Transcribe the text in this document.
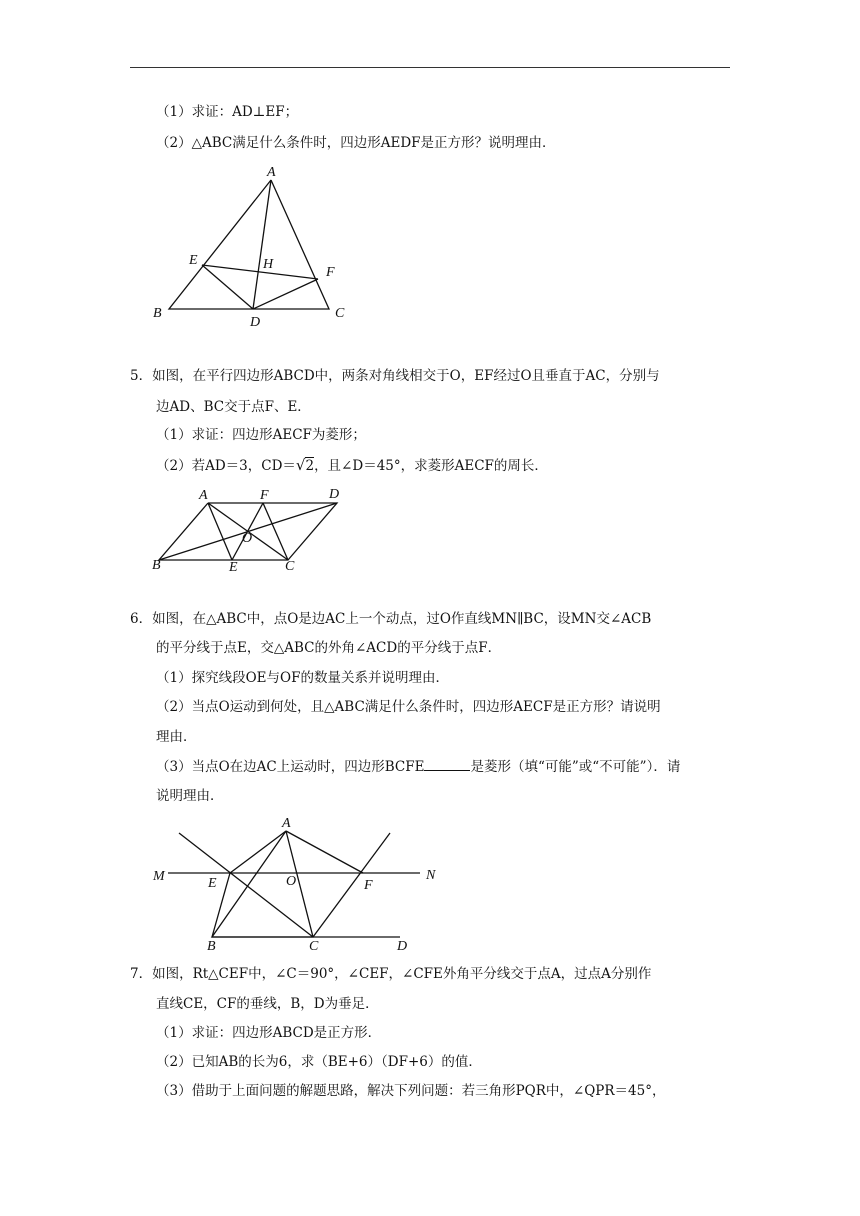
（1）求证：AD⊥EF；
（2）△ABC满足什么条件时，四边形AEDF是正方形？说明理由．
A
E	H
F
B
D
C
5．如图，在平行四边形ABCD中，两条对角线相交于O，EF经过O且垂直于AC，分别与
边AD、BC交于点F、E．
（1）求证：四边形AECF为菱形；
（2）若AD＝3，CD＝√2，且∠D＝45°，求菱形AECF的周长．
A	F	D
O
B	E	C
6．如图，在△ABC中，点O是边AC上一个动点，过O作直线MN∥BC，设MN交∠ACB
的平分线于点E，交△ABC的外角∠ACD的平分线于点F．
（1）探究线段OE与OF的数量关系并说明理由．
（2）当点O运动到何处，且△ABC满足什么条件时，四边形AECF是正方形？请说明
理由．
（3）当点O在边AC上运动时，四边形BCFE	是菱形（填“可能”或“不可能”）．请
说明理由．
A
M	E	O	F
N
B	C	D
7．如图，Rt△CEF中，∠C＝90°，∠CEF，∠CFE外角平分线交于点A，过点A分别作
直线CE，CF的垂线，B，D为垂足．
（1）求证：四边形ABCD是正方形．
（2）已知AB的长为6，求（BE+6）（DF+6）的值．
（3）借助于上面问题的解题思路，解决下列问题：若三角形PQR中，∠QPR＝45°，
